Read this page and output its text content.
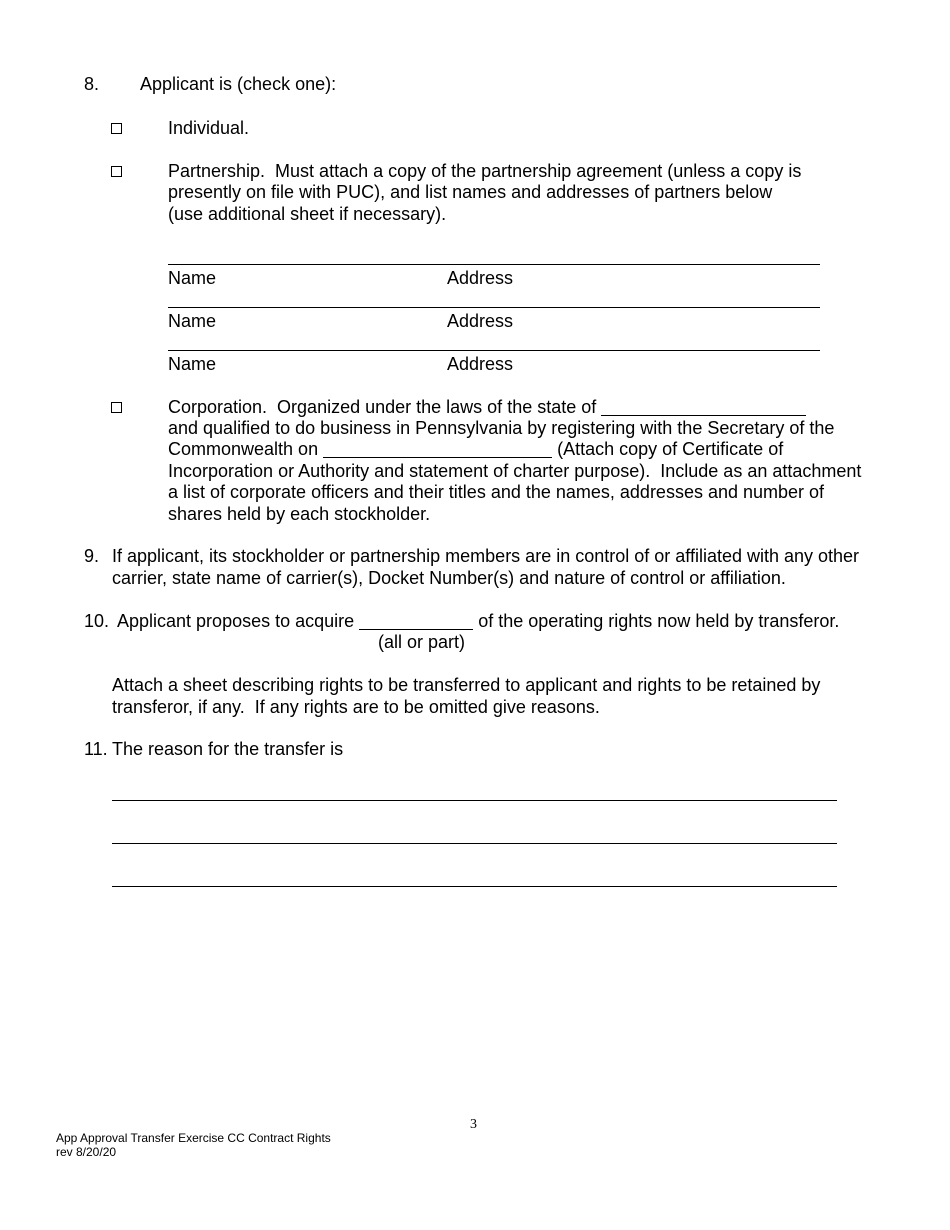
8. Applicant is (check one):
Individual.
Partnership.  Must attach a copy of the partnership agreement (unless a copy is
presently on file with PUC), and list names and addresses of partners below
(use additional sheet if necessary).
Name	Address
Name	Address
Name	Address
Corporation.  Organized under the laws of the state of
and qualified to do business in Pennsylvania by registering with the Secretary of the
Commonwealth on	(Attach copy of Certificate of
Incorporation or Authority and statement of charter purpose).  Include as an attachment
a list of corporate officers and their titles and the names, addresses and number of
shares held by each stockholder.
9. If applicant, its stockholder or partnership members are in control of or affiliated with any other
carrier, state name of carrier(s), Docket Number(s) and nature of control or affiliation.
10. Applicant proposes to acquire	of the operating rights now held by transferor.
(all or part)
Attach a sheet describing rights to be transferred to applicant and rights to be retained by
transferor, if any.  If any rights are to be omitted give reasons.
11. The reason for the transfer is
3
App Approval Transfer Exercise CC Contract Rights
rev 8/20/20
